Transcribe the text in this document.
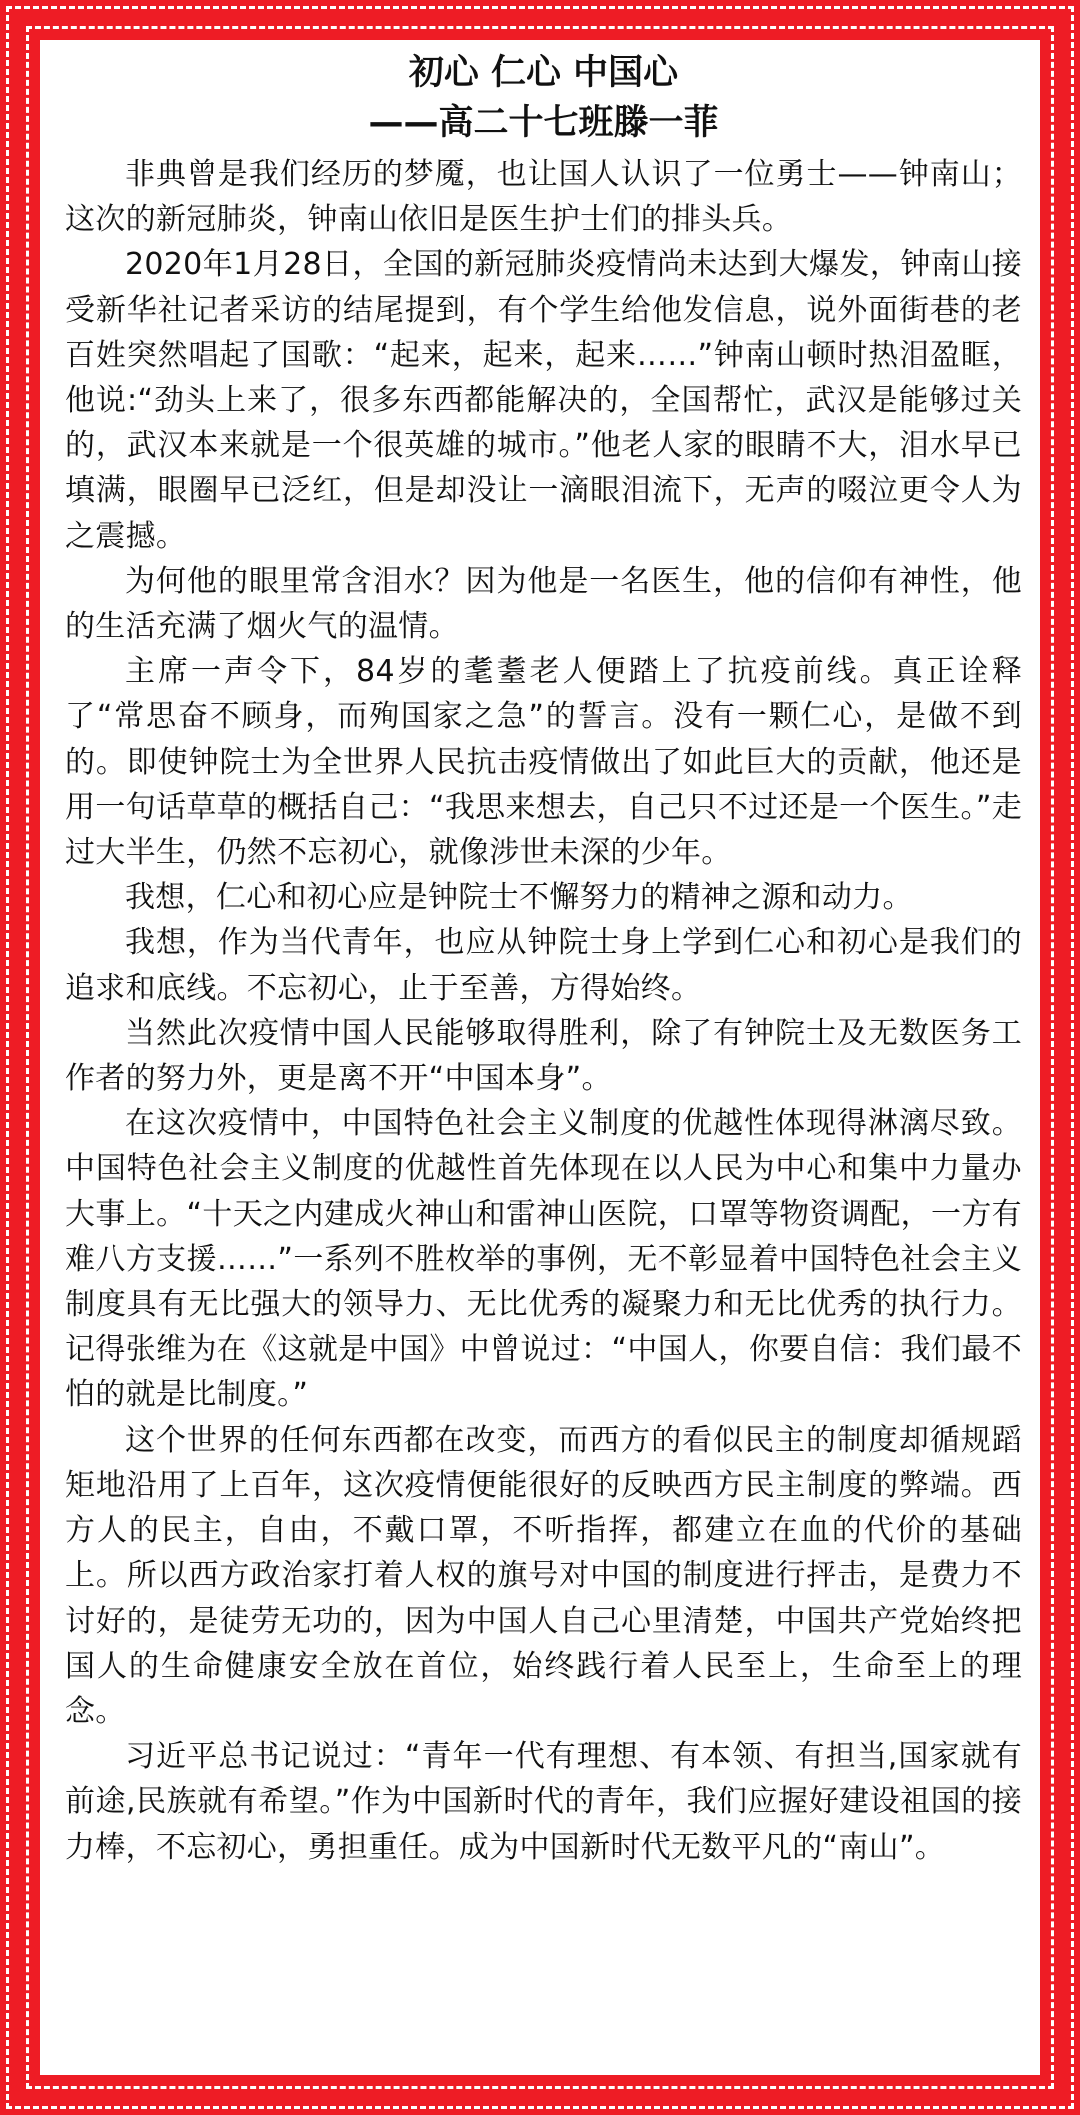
初心 仁心 中国心
——高二十七班滕一菲

非典曾是我们经历的梦魇，也让国人认识了一位勇士——钟南山；这次的新冠肺炎，钟南山依旧是医生护士们的排头兵。

2020年1月28日，全国的新冠肺炎疫情尚未达到大爆发，钟南山接受新华社记者采访的结尾提到，有个学生给他发信息，说外面街巷的老百姓突然唱起了国歌：“起来，起来，起来……”钟南山顿时热泪盈眶，他说:“劲头上来了，很多东西都能解决的，全国帮忙，武汉是能够过关的，武汉本来就是一个很英雄的城市。”他老人家的眼睛不大，泪水早已填满，眼圈早已泛红，但是却没让一滴眼泪流下，无声的啜泣更令人为之震撼。

为何他的眼里常含泪水？因为他是一名医生，他的信仰有神性，他的生活充满了烟火气的温情。

主席一声令下，84岁的耄耋老人便踏上了抗疫前线。真正诠释了“常思奋不顾身，而殉国家之急”的誓言。没有一颗仁心，是做不到的。即使钟院士为全世界人民抗击疫情做出了如此巨大的贡献，他还是用一句话草草的概括自己：“我思来想去，自己只不过还是一个医生。”走过大半生，仍然不忘初心，就像涉世未深的少年。

我想，仁心和初心应是钟院士不懈努力的精神之源和动力。

我想，作为当代青年，也应从钟院士身上学到仁心和初心是我们的追求和底线。不忘初心，止于至善，方得始终。

当然此次疫情中国人民能够取得胜利，除了有钟院士及无数医务工作者的努力外，更是离不开“中国本身”。

在这次疫情中，中国特色社会主义制度的优越性体现得淋漓尽致。中国特色社会主义制度的优越性首先体现在以人民为中心和集中力量办大事上。“十天之内建成火神山和雷神山医院，口罩等物资调配，一方有难八方支援……”一系列不胜枚举的事例，无不彰显着中国特色社会主义制度具有无比强大的领导力、无比优秀的凝聚力和无比优秀的执行力。记得张维为在《这就是中国》中曾说过：“中国人，你要自信：我们最不怕的就是比制度。”

这个世界的任何东西都在改变，而西方的看似民主的制度却循规蹈矩地沿用了上百年，这次疫情便能很好的反映西方民主制度的弊端。西方人的民主，自由，不戴口罩，不听指挥，都建立在血的代价的基础上。所以西方政治家打着人权的旗号对中国的制度进行抨击，是费力不讨好的，是徒劳无功的，因为中国人自己心里清楚，中国共产党始终把国人的生命健康安全放在首位，始终践行着人民至上，生命至上的理念。

习近平总书记说过：“青年一代有理想、有本领、有担当,国家就有前途,民族就有希望。”作为中国新时代的青年，我们应握好建设祖国的接力棒，不忘初心，勇担重任。成为中国新时代无数平凡的“南山”。
